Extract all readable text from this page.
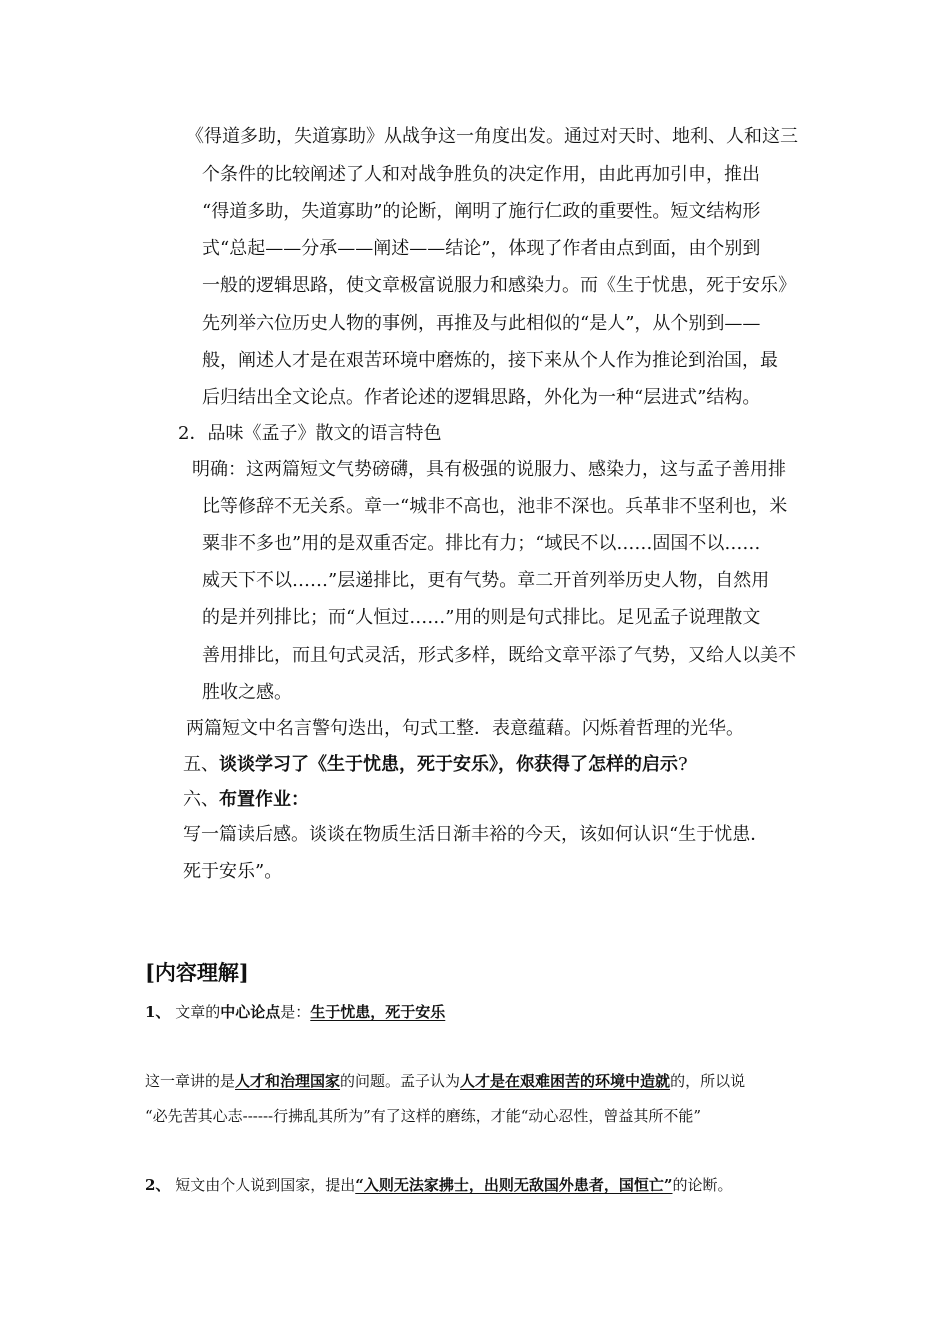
《得道多助，失道寡助》从战争这一角度出发。通过对天时、地利、人和这三
个条件的比较阐述了人和对战争胜负的决定作用，由此再加引申，推出
“得道多助，失道寡助”的论断，阐明了施行仁政的重要性。短文结构形
式“总起——分承——阐述——结论”，体现了作者由点到面，由个别到
一般的逻辑思路，使文章极富说服力和感染力。而《生于忧患，死于安乐》
先列举六位历史人物的事例，再推及与此相似的“是人”，从个别到——
般，阐述人才是在艰苦环境中磨炼的，接下来从个人作为推论到治国，最
后归结出全文论点。作者论述的逻辑思路，外化为一种“层进式”结构。
2．品味《孟子》散文的语言特色
明确：这两篇短文气势磅礴，具有极强的说服力、感染力，这与孟子善用排
比等修辞不无关系。章一“城非不高也，池非不深也。兵革非不坚利也，米
粟非不多也”用的是双重否定。排比有力；“域民不以……固国不以……
威天下不以……”层递排比，更有气势。章二开首列举历史人物，自然用
的是并列排比；而“人恒过……”用的则是句式排比。足见孟子说理散文
善用排比，而且句式灵活，形式多样，既给文章平添了气势，又给人以美不
胜收之感。
两篇短文中名言警句迭出，句式工整．表意蕴藉。闪烁着哲理的光华。
五、谈谈学习了《生于忧患，死于安乐》，你获得了怎样的启示?
六、布置作业：
写一篇读后感。谈谈在物质生活日渐丰裕的今天，该如何认识“生于忧患．
死于安乐”。
[内容理解]
1、 文章的中心论点是：生于忧患，死于安乐
这一章讲的是人才和治理国家的问题。孟子认为人才是在艰难困苦的环境中造就的，所以说
“必先苦其心志------行拂乱其所为”有了这样的磨练，才能“动心忍性，曾益其所不能”
2、 短文由个人说到国家，提出“入则无法家拂士，出则无敌国外患者，国恒亡”的论断。
